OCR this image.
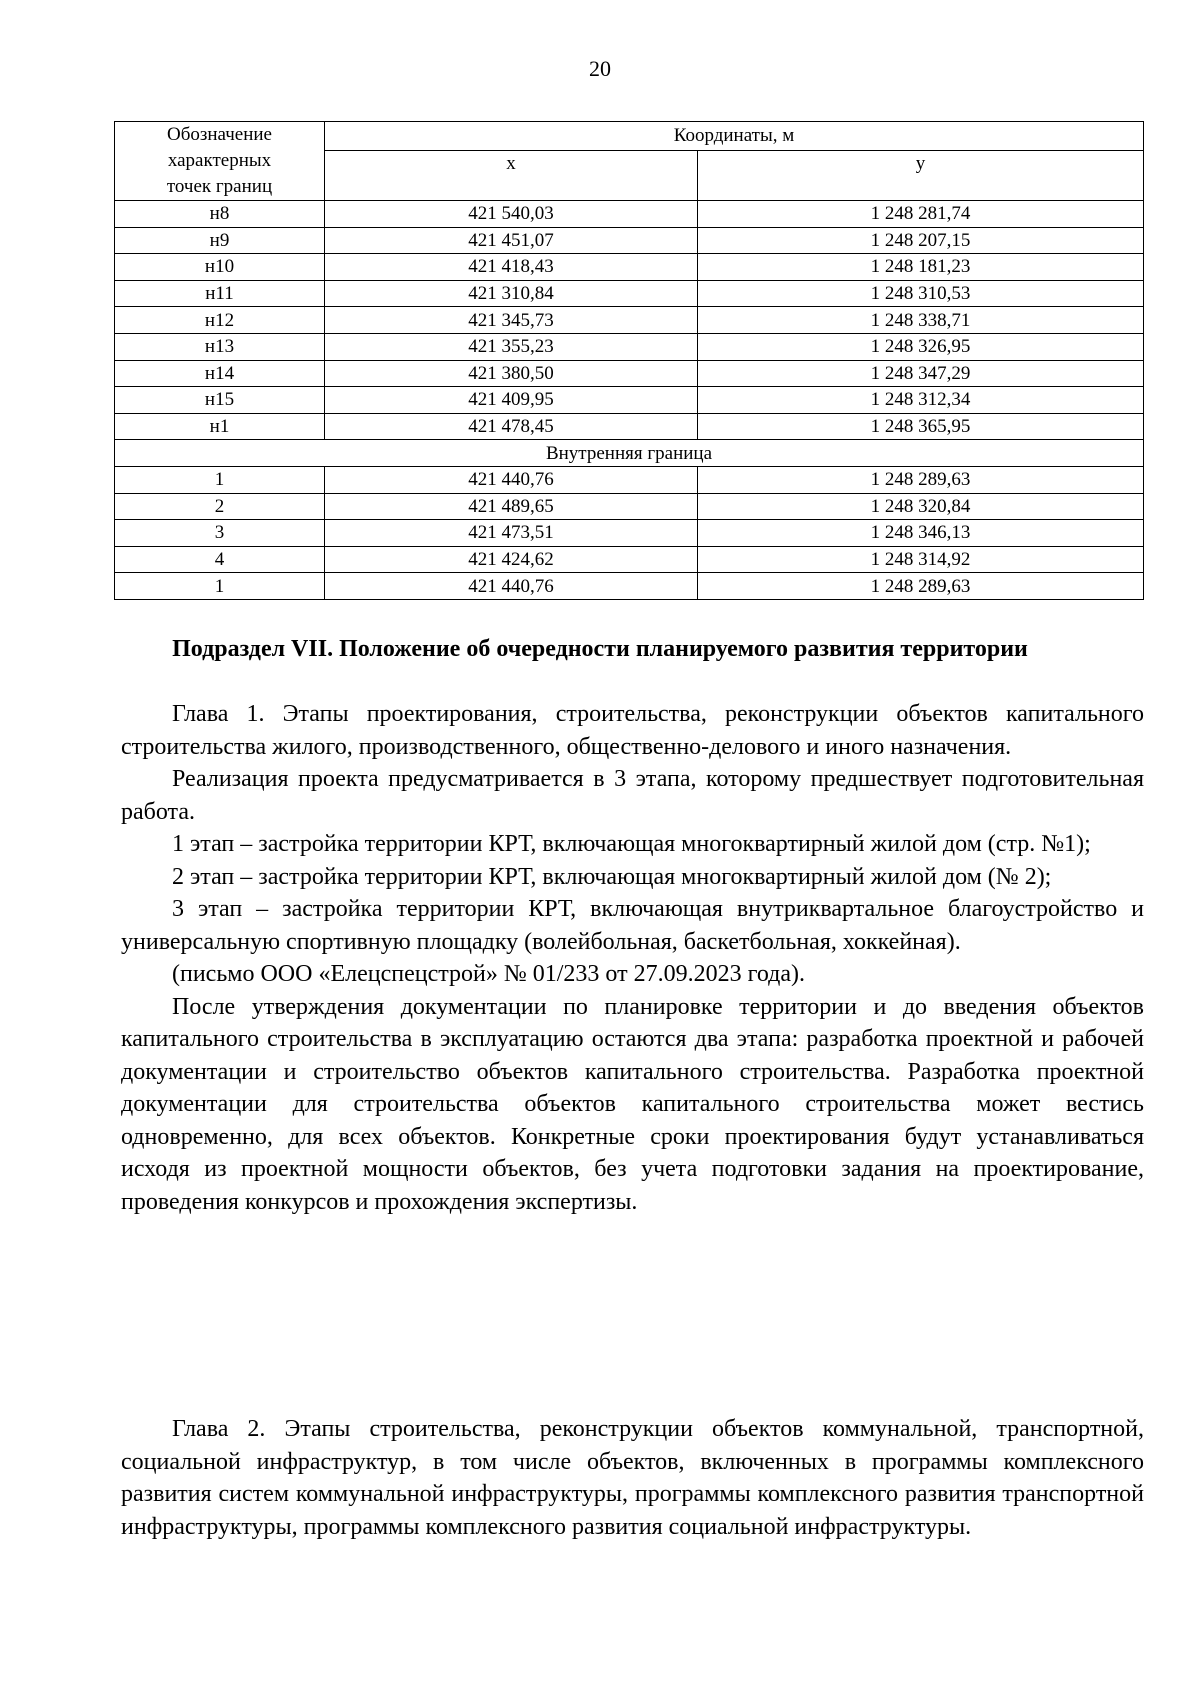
20
Обозначение
характерных
точек границ	Координаты, м	
	х	у
н8	421 540,03	1 248 281,74
н9	421 451,07	1 248 207,15
н10	421 418,43	1 248 181,23
н11	421 310,84	1 248 310,53
н12	421 345,73	1 248 338,71
н13	421 355,23	1 248 326,95
н14	421 380,50	1 248 347,29
н15	421 409,95	1 248 312,34
н1	421 478,45	1 248 365,95
Внутренняя граница		
1	421 440,76	1 248 289,63
2	421 489,65	1 248 320,84
3	421 473,51	1 248 346,13
4	421 424,62	1 248 314,92
1	421 440,76	1 248 289,63
Подраздел VII. Положение об очередности планируемого развития территории

Глава 1. Этапы проектирования, строительства, реконструкции объектов капитального строительства жилого, производственного, общественно-делового и иного назначения.

Реализация проекта предусматривается в 3 этапа, которому предшествует подготовительная работа.

1 этап – застройка территории КРТ, включающая многоквартирный жилой дом (стр. №1);

2 этап – застройка территории КРТ, включающая многоквартирный жилой дом (№ 2);

3 этап – застройка территории КРТ, включающая внутриквартальное благоустройство и универсальную спортивную площадку (волейбольная, баскетбольная, хоккейная).

(письмо ООО «Елецспецстрой» № 01/233 от 27.09.2023 года).

После утверждения документации по планировке территории и до введения объектов капитального строительства в эксплуатацию остаются два этапа: разработка проектной и рабочей документации и строительство объектов капитального строительства. Разработка проектной документации для строительства объектов капитального строительства может вестись одновременно, для всех объектов. Конкретные сроки проектирования будут устанавливаться исходя из проектной мощности объектов, без учета подготовки задания на проектирование, проведения конкурсов и прохождения экспертизы.

Глава 2. Этапы строительства, реконструкции объектов коммунальной, транспортной, социальной инфраструктур, в том числе объектов, включенных в программы комплексного развития систем коммунальной инфраструктуры, программы комплексного развития транспортной инфраструктуры, программы комплексного развития социальной инфраструктуры.
